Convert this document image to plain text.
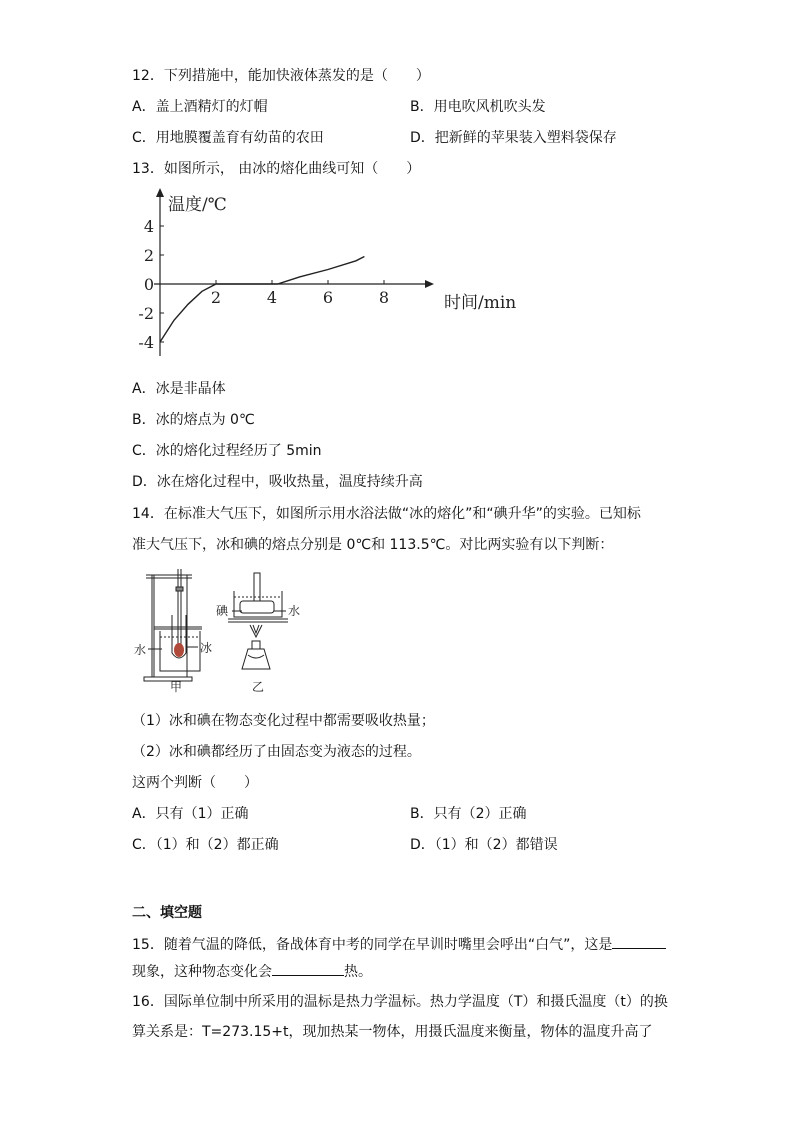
12．下列措施中，能加快液体蒸发的是（　　）
A．盖上酒精灯的灯帽	B．用电吹风机吹头发
C．用地膜覆盖育有幼苗的农田	D．把新鲜的苹果装入塑料袋保存
13．如图所示， 由冰的熔化曲线可知（　　）
温度/℃
时间/min
4
2
0
-2
-4
2	4	6	8
A．冰是非晶体
B．冰的熔点为 0℃
C．冰的熔化过程经历了 5min
D．冰在熔化过程中，吸收热量，温度持续升高
14．在标准大气压下，如图所示用水浴法做“冰的熔化”和“碘升华”的实验。已知标
准大气压下，冰和碘的熔点分别是 0℃和 113.5℃。对比两实验有以下判断：
水	冰
甲
碘	水
乙
（1）冰和碘在物态变化过程中都需要吸收热量；
（2）冰和碘都经历了由固态变为液态的过程。
这两个判断（　　）
A．只有（1）正确	B．只有（2）正确
C．（1）和（2）都正确	D．（1）和（2）都错误
二、填空题
15．随着气温的降低，备战体育中考的同学在早训时嘴里会呼出“白气”，这是
现象，这种物态变化会	热。
16．国际单位制中所采用的温标是热力学温标。热力学温度（T）和摄氏温度（t）的换
算关系是：T=273.15+t，现加热某一物体，用摄氏温度来衡量，物体的温度升高了
